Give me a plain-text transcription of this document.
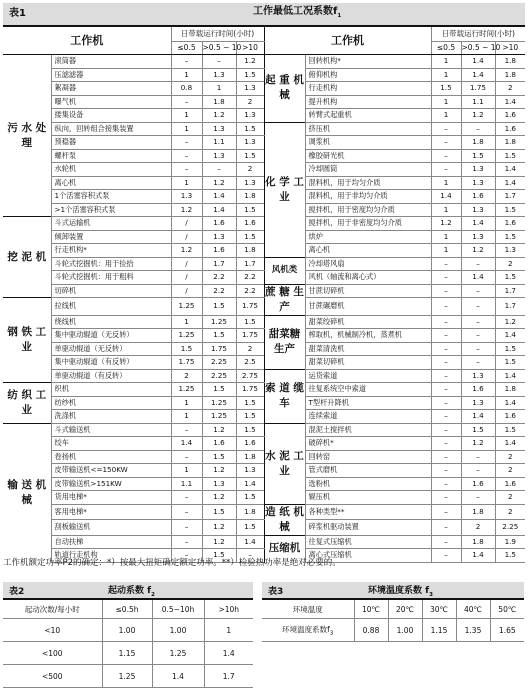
表1		工作最低工况系数$f_1$
工作机		日带载运行时间(小时)			工作机		日带载运行时间(小时)		
		≤0.5	>0.5 ~ 10	>10			≤0.5	>0.5 ~ 10	>10
污 水 处 理	滚筒器	–	–	1.2	起 重 机 械	回转机构*	1	1.4	1.8
	压滤滤器	1	1.3	1.5		俯仰机构	1	1.4	1.8
	絮凝器	0.8	1	1.3		行走机构	1.5	1.75	2
	曝气机	–	1.8	2		提升机构	1	1.1	1.4
	搂集设备	1	1.2	1.3		转臂式起重机	1	1.2	1.6
	纵向，回转组合接集装置	1	1.3	1.5	化 学 工 业	挤压机	–	–	1.6
	预稳器	–	1.1	1.3		调浆机	–	1.8	1.8
	螺杆泵	–	1.3	1.5		橡胶研光机	–	1.5	1.5
	水轮机	–	–	2		冷却圆筒	–	1.3	1.4
	离心机	1	1.2	1.3		混料机，用于均匀介质	1	1.3	1.4
	1个活塞容积式泵	1.3	1.4	1.8		混料机，用于非均匀介质	1.4	1.6	1.7
	>1个活塞容积式泵	1.2	1.4	1.5		搅拌机，用于密度均匀介质	1	1.3	1.5
挖 泥 机	斗式运输机	/	1.6	1.6		搅拌机，用于非密度均匀介质	1.2	1.4	1.6
	倾卸装置	/	1.3	1.5		烘炉	1	1.3	1.5
	行走机构*	1.2	1.6	1.8		离心机	1	1.2	1.3
	斗轮式挖掘机：用于捡拾	/	1.7	1.7	风机类	冷却塔风扇	–	–	2
	斗轮式挖掘机：用于粗料	/	2.2	2.2		风机（轴流和离心式）	–	1.4	1.5
	切碎机	/	2.2	2.2	蔗 糖 生 产	甘蔗切碎机	–	–	1.7
钢 铁 工 业	拉线机	1.25	1.5	1.75		甘蔗碾磨机	–	–	1.7
	绕线机	1	1.25	1.5	甜菜糖 生产	甜菜绞碎机	–	–	1.2
	集中驱动辊道（无反转）	1.25	1.5	1.75		榨取机，机械制冷机，蒸煮机	–	–	1.4
	单驱动辊道（无反转）	1.5	1.75	2		甜菜清洗机	–	–	1.5
	集中驱动辊道（有反转）	1.75	2.25	2.5		甜菜切碎机	–	–	1.5
	单驱动辊道（有反转）	2	2.25	2.75	索 道 缆 车	运货索道	–	1.3	1.4
纺 织 工 业	织机	1.25	1.5	1.75		往复系统空中索道	–	1.6	1.8
	纺纱机	1	1.25	1.5		T型杆升降机	–	1.3	1.4
	洗涤机	1	1.25	1.5		连续索道	–	1.4	1.6
输 送 机 械	斗式输送机	–	1.2	1.5	水 泥 工 业	混泥土搅拌机	–	1.5	1.5
	绞车	1.4	1.6	1.6		破碎机*	–	1.2	1.4
	卷扬机	–	1.5	1.8		回转窑	–	–	2
	皮带输送机<=150KW	1	1.2	1.3		管式磨机	–	–	2
	皮带输送机>151KW	1.1	1.3	1.4		选粉机	–	1.6	1.6
	货用电梯*	–	1.2	1.5		辊压机	–	–	2
	客用电梯*	–	1.5	1.8	造 纸 机 械	各种类型**	–	1.8	2
	刮板输送机	–	1.2	1.5		碎浆机驱动装置	–	2	2.25
	自动扶梯	–	1.2	1.4	压缩机	往复式压缩机	–	1.8	1.9
	轨道行走机构	–	1.5	–		离心式压缩机	–	1.4	1.5
工作机额定功率P2的确定：*）按最大扭矩确定额定功率。**）检验热功率是绝对必要的。
表2	起动系数 $f_2$
起动次数/每小时	≤0.5h	0.5~10h	>10h
<10	1.00	1.00	1
<100	1.15	1.25	1.4
<500	1.25	1.4	1.7
表3	环境温度系数 $f_3$
环境温度	10℃	20℃	30℃	40℃	50℃
环境温度系数$f_3$	0.88	1.00	1.15	1.35	1.65
